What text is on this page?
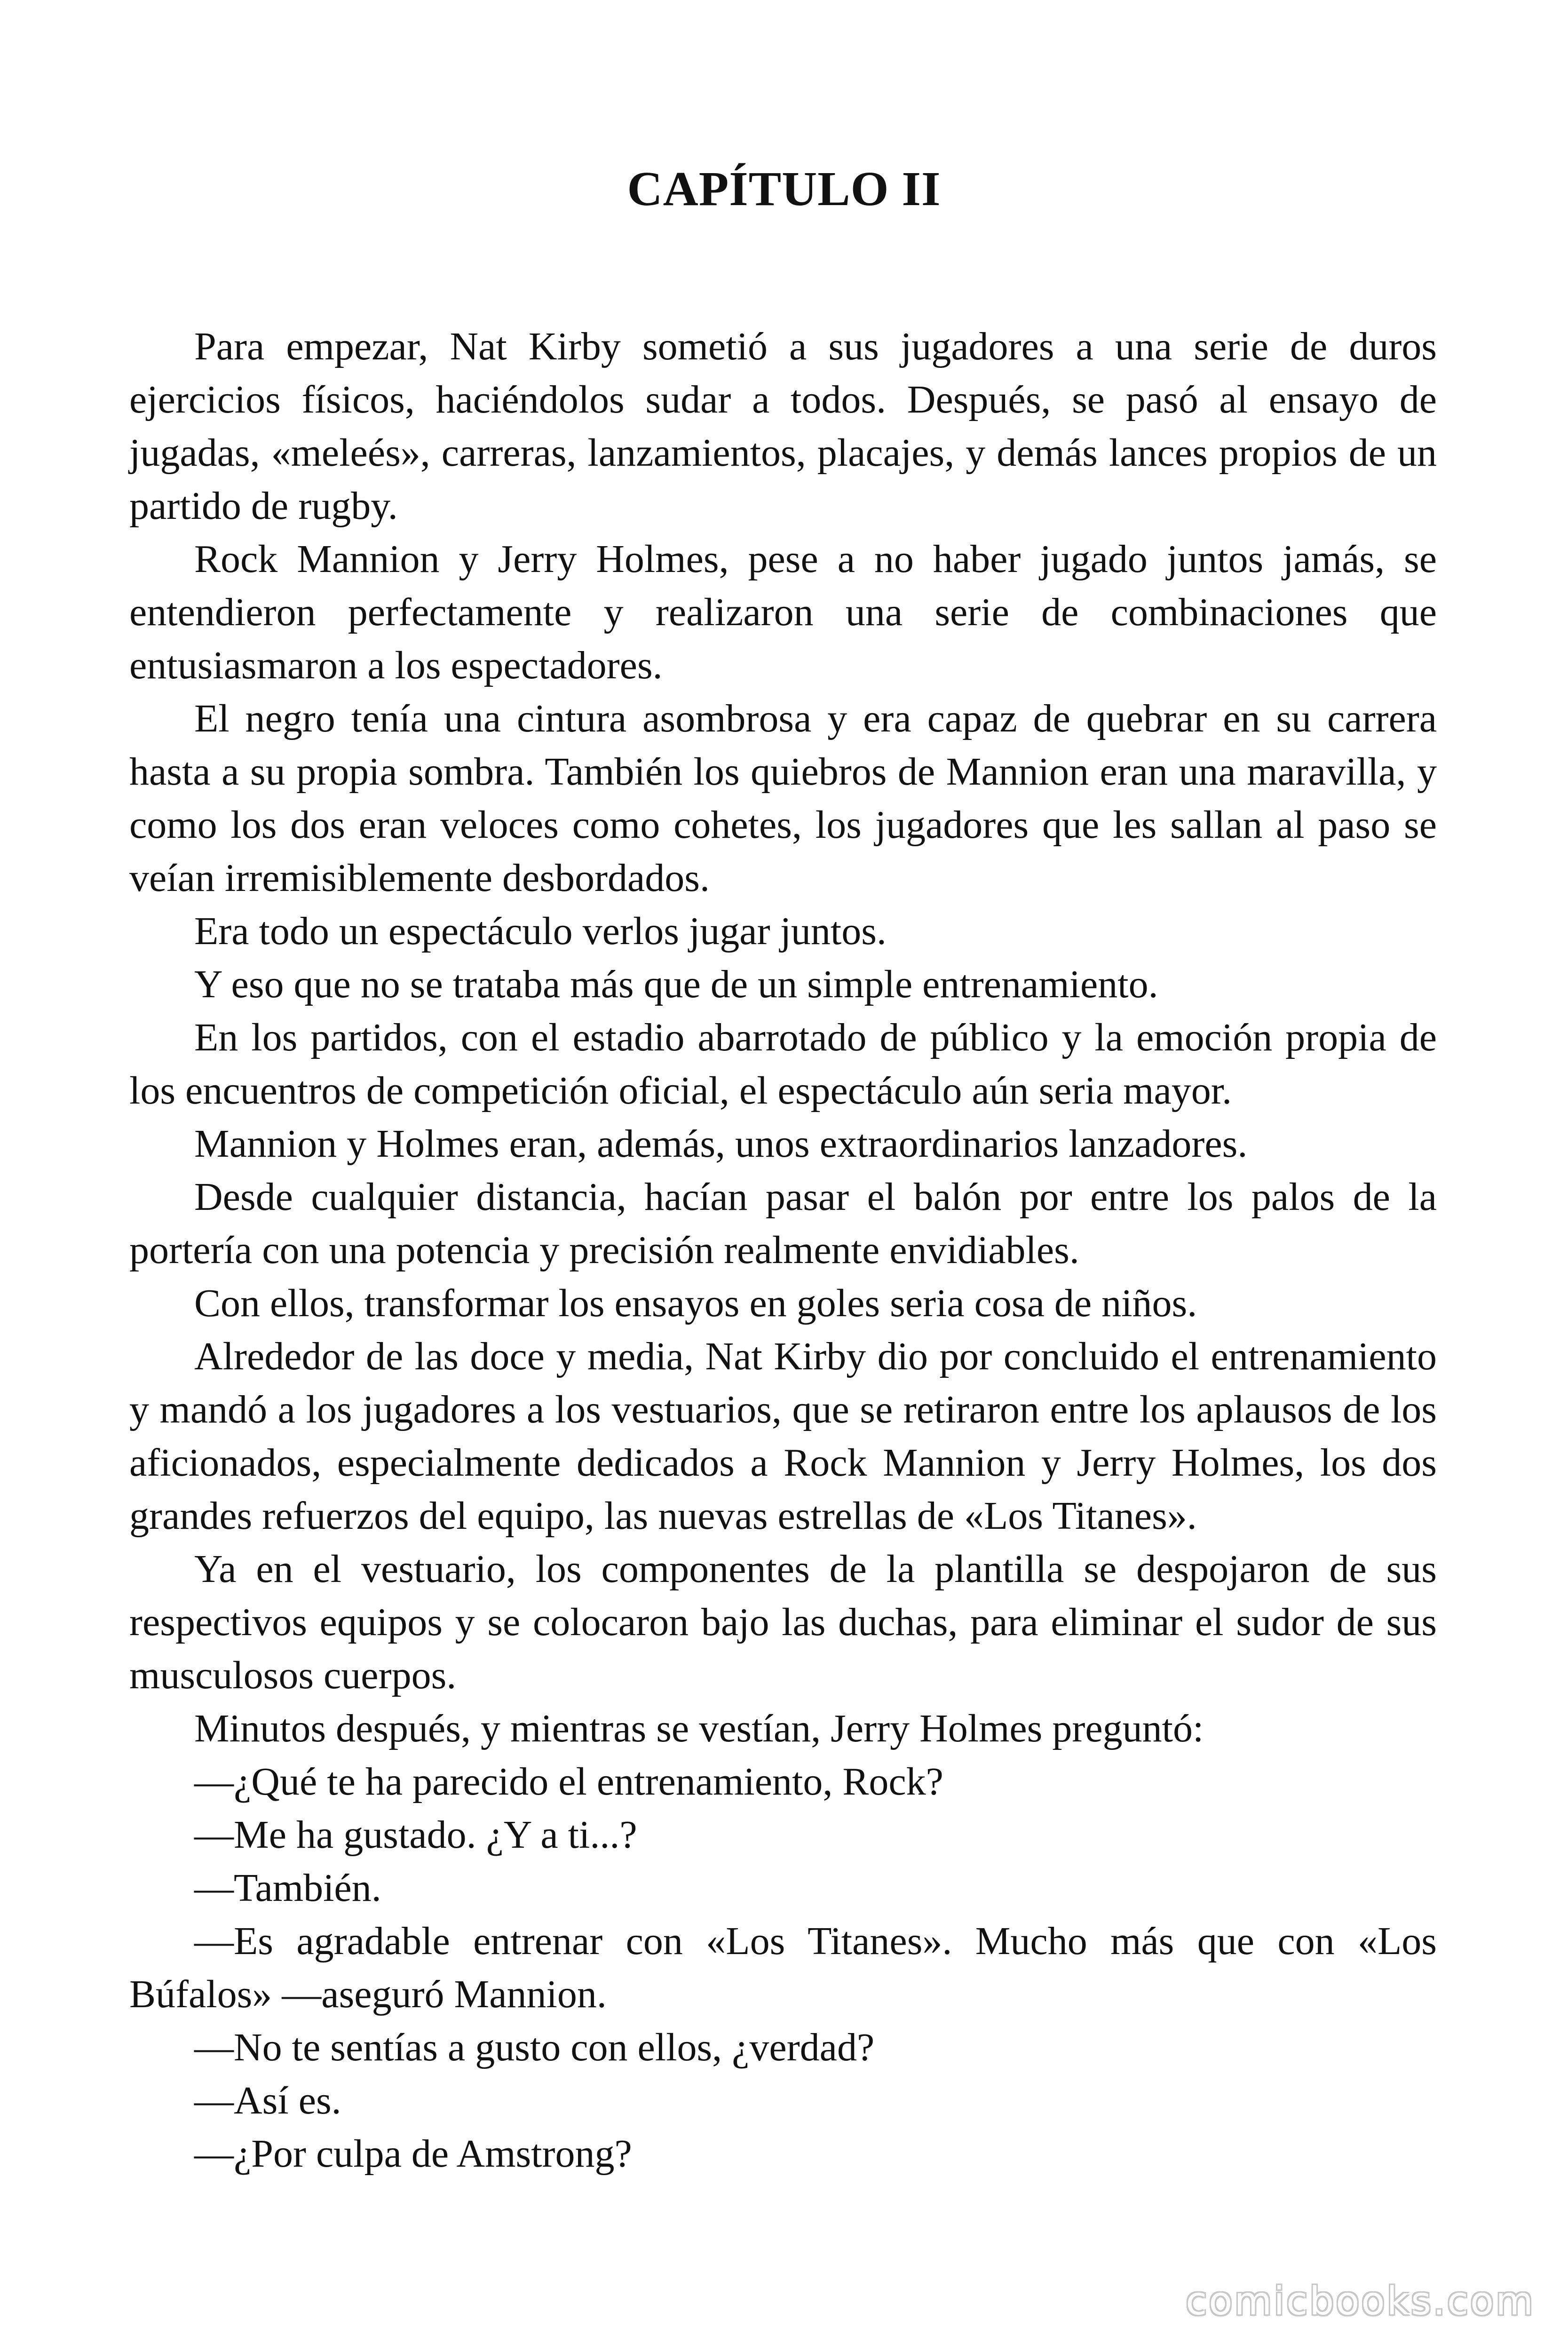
CAPÍTULO II

Para empezar, Nat Kirby sometió a sus jugadores a una serie de duros ejercicios físicos, haciéndolos sudar a todos. Después, se pasó al ensayo de jugadas, «meleés», carreras, lanzamientos, placajes, y demás lances propios de un partido de rugby.

Rock Mannion y Jerry Holmes, pese a no haber jugado juntos jamás, se entendieron perfectamente y realizaron una serie de combinaciones que entusiasmaron a los espectadores.

El negro tenía una cintura asombrosa y era capaz de quebrar en su carrera hasta a su propia sombra. También los quiebros de Mannion eran una maravilla, y como los dos eran veloces como cohetes, los jugadores que les sallan al paso se veían irremisiblemente desbordados.

Era todo un espectáculo verlos jugar juntos.

Y eso que no se trataba más que de un simple entrenamiento.

En los partidos, con el estadio abarrotado de público y la emoción propia de los encuentros de competición oficial, el espectáculo aún seria mayor.

Mannion y Holmes eran, además, unos extraordinarios lanzadores.

Desde cualquier distancia, hacían pasar el balón por entre los palos de la portería con una potencia y precisión realmente envidiables.

Con ellos, transformar los ensayos en goles seria cosa de niños.

Alrededor de las doce y media, Nat Kirby dio por concluido el entrenamiento y mandó a los jugadores a los vestuarios, que se retiraron entre los aplausos de los aficionados, especialmente dedicados a Rock Mannion y Jerry Holmes, los dos grandes refuerzos del equipo, las nuevas estrellas de «Los Titanes».

Ya en el vestuario, los componentes de la plantilla se despojaron de sus respectivos equipos y se colocaron bajo las duchas, para eliminar el sudor de sus musculosos cuerpos.

Minutos después, y mientras se vestían, Jerry Holmes preguntó:

—¿Qué te ha parecido el entrenamiento, Rock?

—Me ha gustado. ¿Y a ti...?

—También.

—Es agradable entrenar con «Los Titanes». Mucho más que con «Los Búfalos» —aseguró Mannion.

—No te sentías a gusto con ellos, ¿verdad?

—Así es.

—¿Por culpa de Amstrong?

comicbooks.com
